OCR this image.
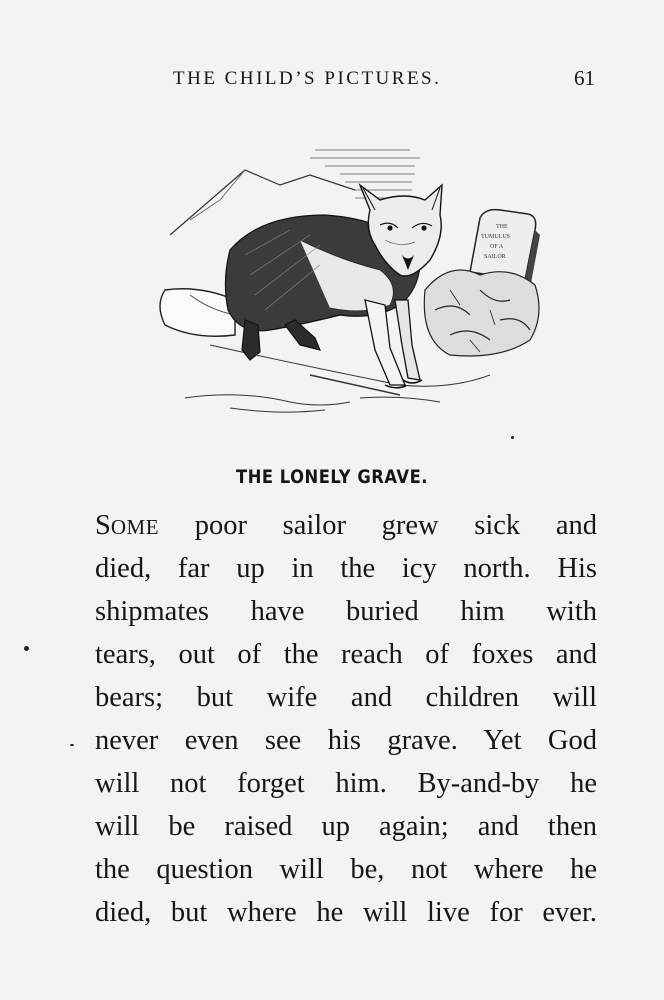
THE CHILD’S PICTURES.	61
THE
TUMULUS
OF A
SAILOR
THE LONELY GRAVE.
SOME poor sailor grew sick and
died, far up in the icy north. His
shipmates have buried him with
tears, out of the reach of foxes and
bears; but wife and children will
never even see his grave. Yet God
will not forget him. By-and-by he
will be raised up again; and then
the question will be, not where he
died, but where he will live for ever.
